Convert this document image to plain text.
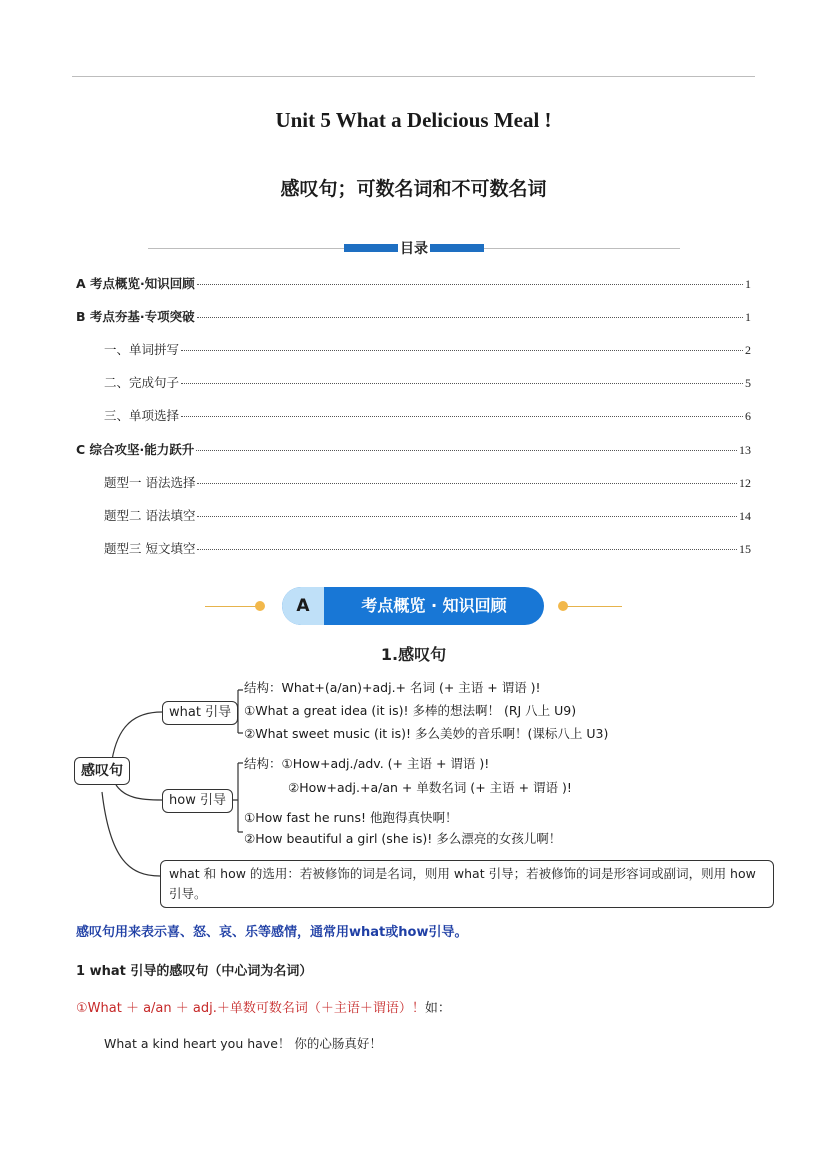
Unit 5 What a Delicious Meal !
感叹句；可数名词和不可数名词
目录
A 考点概览·知识回顾	1
B 考点夯基·专项突破	1
一、单词拼写	2
二、完成句子	5
三、单项选择	6
C 综合攻坚·能力跃升	13
题型一 语法选择	12
题型二 语法填空	14
题型三 短文填空	15
A	考点概览 · 知识回顾
1.感叹句
感叹句
what 引导
how 引导
结构：What+(a/an)+adj.+ 名词 (+ 主语 + 谓语 )!
①What a great idea (it is)! 多棒的想法啊！ (RJ 八上 U9)
②What sweet music (it is)! 多么美妙的音乐啊！(课标八上 U3)
结构：①How+adj./adv. (+ 主语 + 谓语 )!
②How+adj.+a/an + 单数名词 (+ 主语 + 谓语 )!
①How fast he runs! 他跑得真快啊！
②How beautiful a girl (she is)! 多么漂亮的女孩儿啊！
what 和 how 的选用：若被修饰的词是名词，则用 what 引导；若被修饰的词是形容词或副词，则用 how 引导。
感叹句用来表示喜、怒、哀、乐等感情，通常用what或how引导。
1 what 引导的感叹句（中心词为名词）
①What ＋ a/an ＋ adj.＋单数可数名词（＋主语＋谓语）！如：
What a kind heart you have！ 你的心肠真好！
